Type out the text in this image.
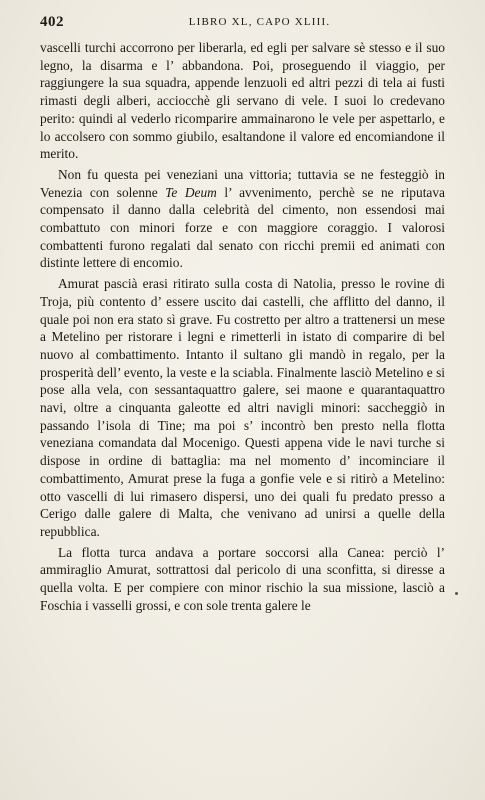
402	LIBRO XL, CAPO XLIII.

vascelli turchi accorrono per liberarla, ed egli per salvare sè stesso e il suo legno, la disarma e l’ abbandona. Poi, proseguendo il viaggio, per raggiungere la sua squadra, appende lenzuoli ed altri pezzi di tela ai fusti rimasti degli alberi, acciocchè gli servano di vele. I suoi lo credevano perito: quindi al vederlo ricomparire ammainarono le vele per aspettarlo, e lo accolsero con sommo giubilo, esaltandone il valore ed encomiandone il merito.

Non fu questa pei veneziani una vittoria; tuttavia se ne festeggiò in Venezia con solenne Te Deum l’ avvenimento, perchè se ne riputava compensato il danno dalla celebrità del cimento, non essendosi mai combattuto con minori forze e con maggiore coraggio. I valorosi combattenti furono regalati dal senato con ricchi premii ed animati con distinte lettere di encomio.

Amurat pascià erasi ritirato sulla costa di Natolia, presso le rovine di Troja, più contento d’ essere uscito dai castelli, che afflitto del danno, il quale poi non era stato sì grave. Fu costretto per altro a trattenersi un mese a Metelino per ristorare i legni e rimetterli in istato di comparire di bel nuovo al combattimento. Intanto il sultano gli mandò in regalo, per la prosperità dell’ evento, la veste e la sciabla. Finalmente lasciò Metelino e si pose alla vela, con sessantaquattro galere, sei maone e quarantaquattro navi, oltre a cinquanta galeotte ed altri navigli minori: saccheggiò in passando l’isola di Tine; ma poi s’ incontrò ben presto nella flotta veneziana comandata dal Mocenigo. Questi appena vide le navi turche si dispose in ordine di battaglia: ma nel momento d’ incominciare il combattimento, Amurat prese la fuga a gonfie vele e si ritirò a Metelino: otto vascelli di lui rimasero dispersi, uno dei quali fu predato presso a Cerigo dalle galere di Malta, che venivano ad unirsi a quelle della repubblica.

La flotta turca andava a portare soccorsi alla Canea: perciò l’ ammiraglio Amurat, sottrattosi dal pericolo di una sconfitta, si diresse a quella volta. E per compiere con minor rischio la sua missione, lasciò a Foschia i vasselli grossi, e con sole trenta galere le
